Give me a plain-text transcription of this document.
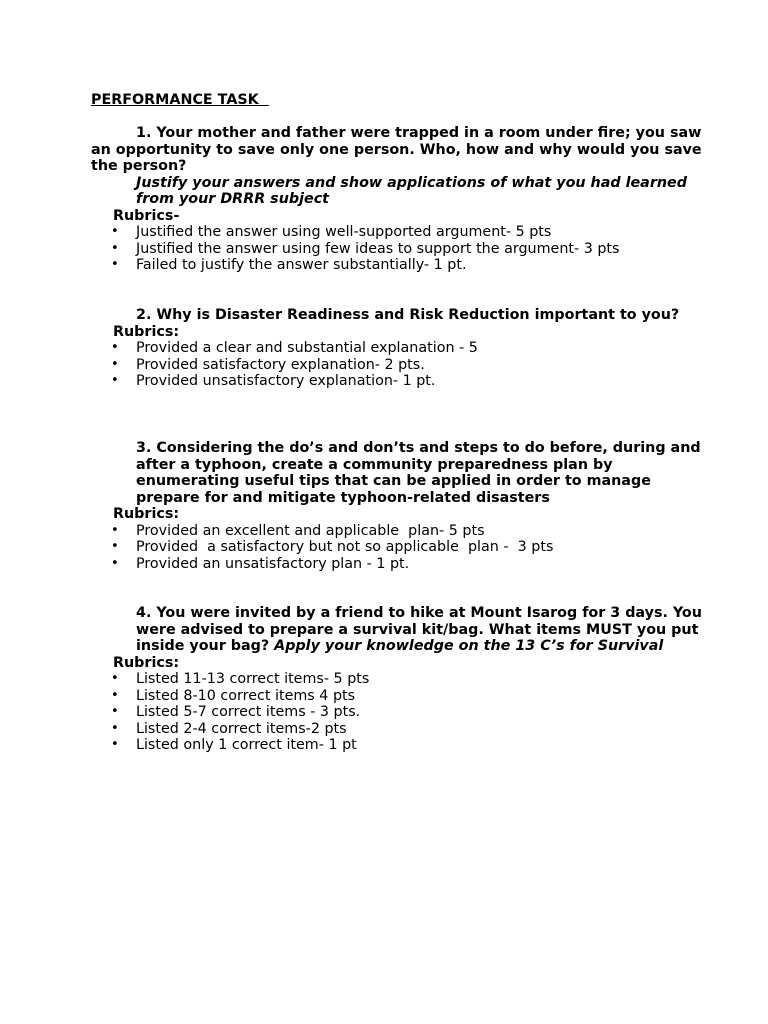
PERFORMANCE TASK

1. Your mother and father were trapped in a room under fire; you saw an opportunity to save only one person. Who, how and why would you save the person?

Justify your answers and show applications of what you had learned from your DRRR subject

Rubrics-

• Justified the answer using well-supported argument- 5 pts
• Justified the answer using few ideas to support the argument- 3 pts
• Failed to justify the answer substantially- 1 pt.

2. Why is Disaster Readiness and Risk Reduction important to you?

Rubrics:

• Provided a clear and substantial explanation - 5
• Provided satisfactory explanation- 2 pts.
• Provided unsatisfactory explanation- 1 pt.

3. Considering the do’s and don’ts and steps to do before, during and after a typhoon, create a community preparedness plan by enumerating useful tips that can be applied in order to manage prepare for and mitigate typhoon-related disasters

Rubrics:

• Provided an excellent and applicable  plan- 5 pts
• Provided  a satisfactory but not so applicable  plan -  3 pts
• Provided an unsatisfactory plan - 1 pt.

4. You were invited by a friend to hike at Mount Isarog for 3 days. You were advised to prepare a survival kit/bag. What items MUST you put inside your bag? Apply your knowledge on the 13 C’s for Survival

Rubrics:

• Listed 11-13 correct items- 5 pts
• Listed 8-10 correct items 4 pts
• Listed 5-7 correct items - 3 pts.
• Listed 2-4 correct items-2 pts
• Listed only 1 correct item- 1 pt
